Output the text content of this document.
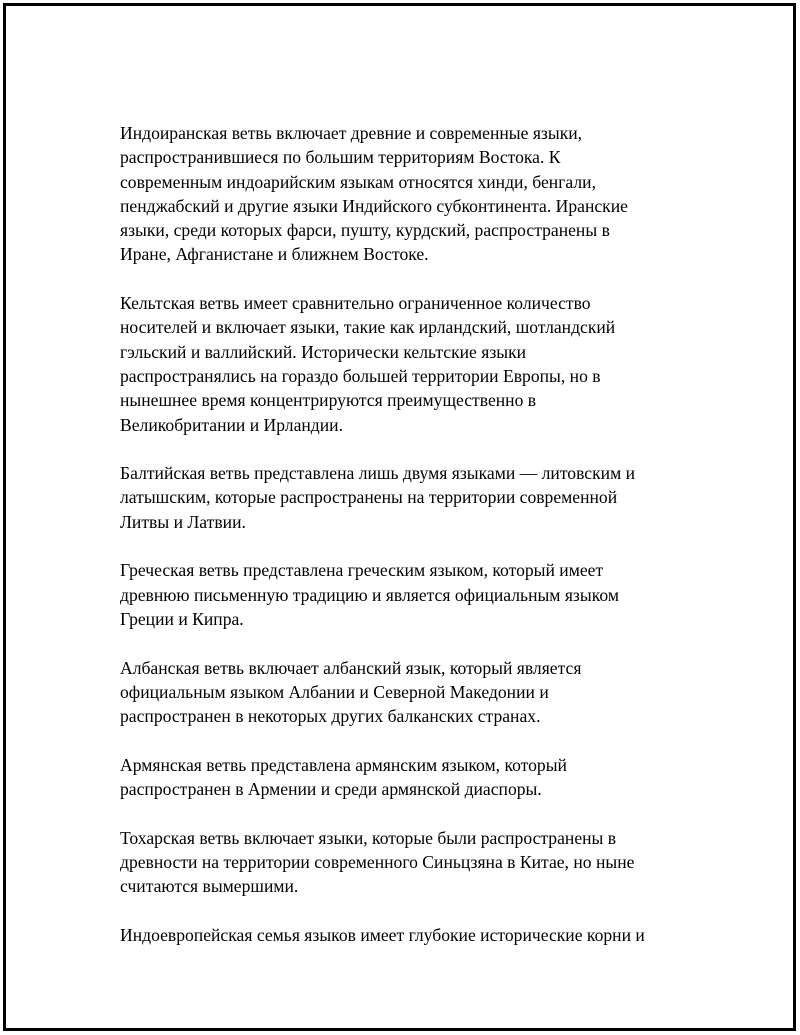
Индоиранская ветвь включает древние и современные языки,
распространившиеся по большим территориям Востока. К
современным индоарийским языкам относятся хинди, бенгали,
пенджабский и другие языки Индийского субконтинента. Иранские
языки, среди которых фарси, пушту, курдский, распространены в
Иране, Афганистане и ближнем Востоке.

Кельтская ветвь имеет сравнительно ограниченное количество
носителей и включает языки, такие как ирландский, шотландский
гэльский и валлийский. Исторически кельтские языки
распространялись на гораздо большей территории Европы, но в
нынешнее время концентрируются преимущественно в
Великобритании и Ирландии.

Балтийская ветвь представлена лишь двумя языками — литовским и
латышским, которые распространены на территории современной
Литвы и Латвии.

Греческая ветвь представлена греческим языком, который имеет
древнюю письменную традицию и является официальным языком
Греции и Кипра.

Албанская ветвь включает албанский язык, который является
официальным языком Албании и Северной Македонии и
распространен в некоторых других балканских странах.

Армянская ветвь представлена армянским языком, который
распространен в Армении и среди армянской диаспоры.

Тохарская ветвь включает языки, которые были распространены в
древности на территории современного Синьцзяна в Китае, но ныне
считаются вымершими.

Индоевропейская семья языков имеет глубокие исторические корни и
